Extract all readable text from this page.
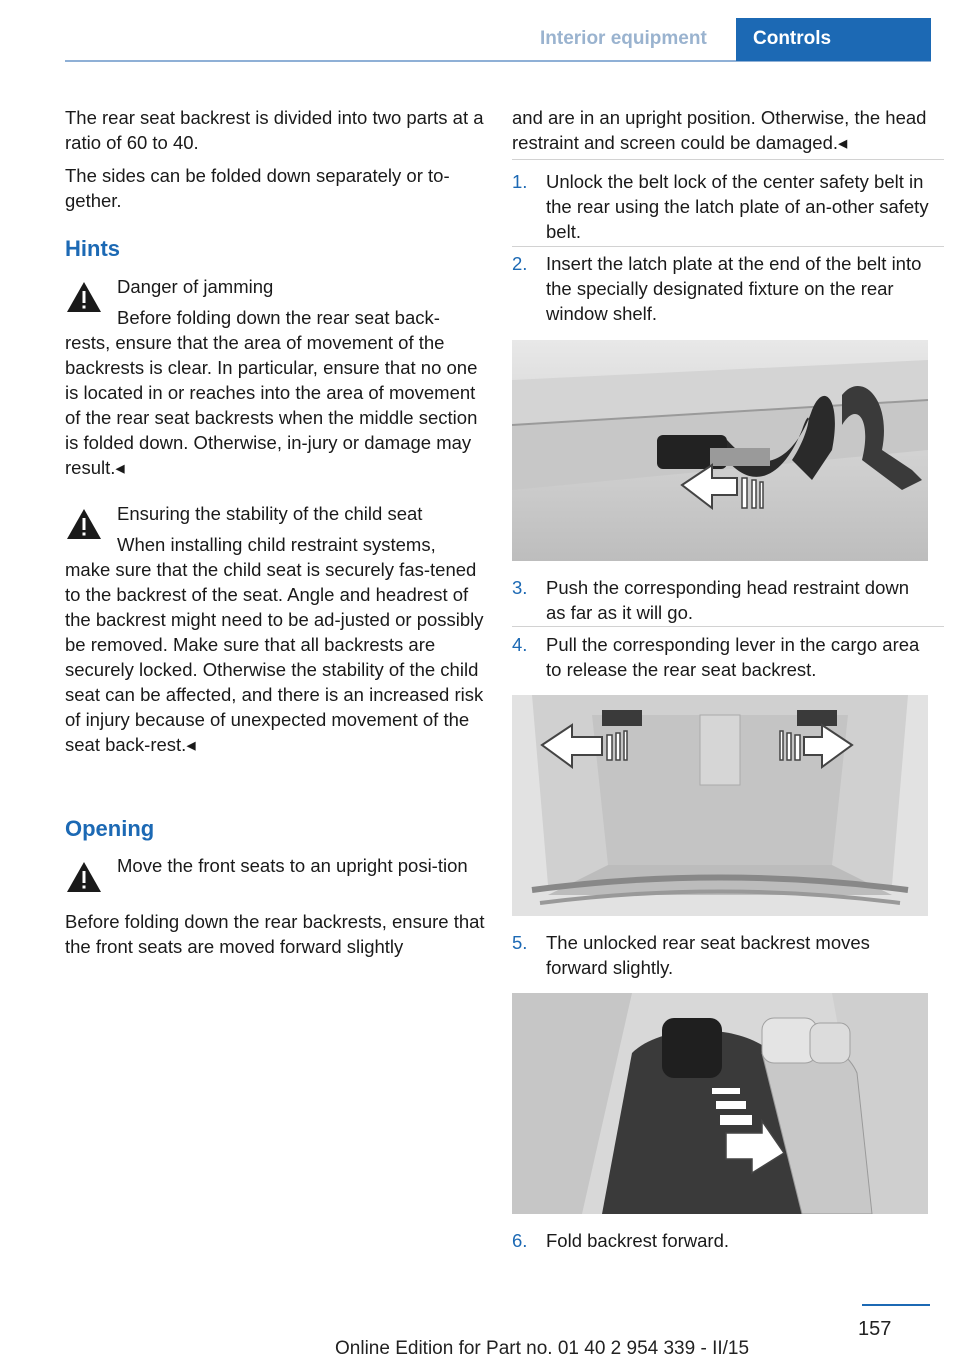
Interior equipment	Controls

The rear seat backrest is divided into two parts at a ratio of 60 to 40.

The sides can be folded down separately or to-gether.

Hints

Danger of jamming

Before folding down the rear seat back-

rests, ensure that the area of movement of the backrests is clear. In particular, ensure that no one is located in or reaches into the area of movement of the rear seat backrests when the middle section is folded down. Otherwise, in-jury or damage may result.◂

Ensuring the stability of the child seat

When installing child restraint systems,

make sure that the child seat is securely fas-tened to the backrest of the seat. Angle and headrest of the backrest might need to be ad-justed or possibly be removed. Make sure that all backrests are securely locked. Otherwise the stability of the child seat can be affected, and there is an increased risk of injury because of unexpected movement of the seat back-rest.◂

Opening

Move the front seats to an upright posi-tion

Before folding down the rear backrests, ensure that the front seats are moved forward slightly

and are in an upright position. Otherwise, the head restraint and screen could be damaged.◂

1. Unlock the belt lock of the center safety belt in the rear using the latch plate of an-other safety belt.

2. Insert the latch plate at the end of the belt into the specially designated fixture on the rear window shelf.

3. Push the corresponding head restraint down as far as it will go.

4. Pull the corresponding lever in the cargo area to release the rear seat backrest.

5. The unlocked rear seat backrest moves forward slightly.

6. Fold backrest forward.

157
Online Edition for Part no. 01 40 2 954 339 - II/15
